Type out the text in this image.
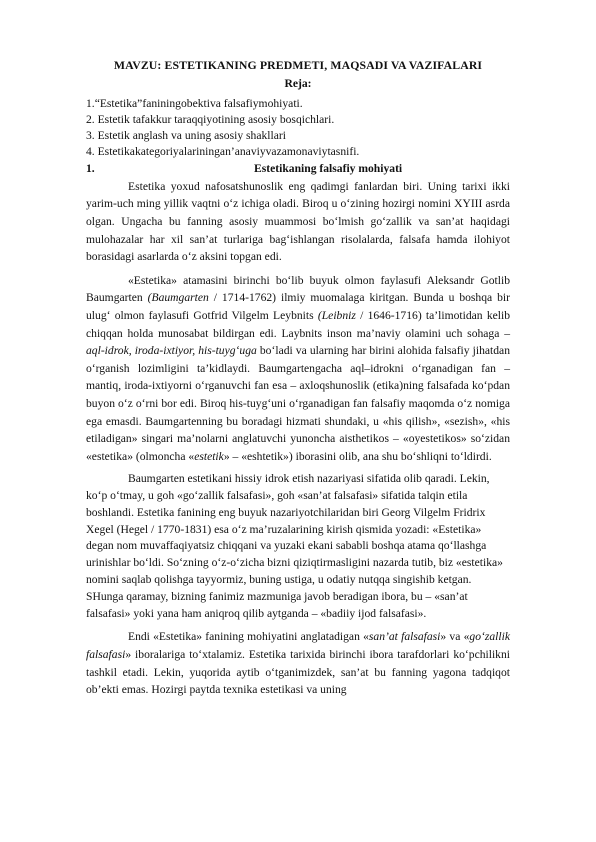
MAVZU: ESTETIKANING PREDMETI, MAQSADI VA VAZIFALARI

Reja:

1.“Estetika”faniningobektiva falsafiymohiyati.

2. Estetik tafakkur taraqqiyotining asosiy bosqichlari.

3. Estetik anglash va uning asosiy shakllari

4. Estetikakategoriyalariningan’anaviyvazamonaviytasnifi.

1.	Estetikaning falsafiy mohiyati

Estetika yoxud nafosatshunoslik eng qadimgi fanlardan biri. Uning tarixi ikki yarim-uch ming yillik vaqtni o‘z ichiga oladi. Biroq u o‘zining hozirgi nomini XYIII asrda olgan. Ungacha bu fanning asosiy muammosi bo‘lmish go‘zallik va san’at haqidagi mulohazalar har xil san’at turlariga bag‘ishlangan risolalarda, falsafa hamda ilohiyot borasidagi asarlarda o‘z aksini topgan edi.

«Estetika» atamasini birinchi bo‘lib buyuk olmon faylasufi Aleksandr Gotlib Baumgarten (Baumgarten / 1714-1762) ilmiy muomalaga kiritgan. Bunda u boshqa bir ulug‘ olmon faylasufi Gotfrid Vilgelm Leybnits (Leibniz / 1646-1716) ta’limotidan kelib chiqqan holda munosabat bildirgan edi. Laybnits inson ma’naviy olamini uch sohaga – aql-idrok, iroda-ixtiyor, his-tuyg‘uga bo‘ladi va ularning har birini alohida falsafiy jihatdan o‘rganish lozimligini ta’kidlaydi. Baumgartengacha aql–idrokni o‘rganadigan fan – mantiq, iroda-ixtiyorni o‘rganuvchi fan esa – axloqshunoslik (etika)ning falsafada ko‘pdan buyon o‘z o‘rni bor edi. Biroq his-tuyg‘uni o‘rganadigan fan falsafiy maqomda o‘z nomiga ega emasdi. Baumgartenning bu boradagi hizmati shundaki, u «his qilish», «sezish», «his etiladigan» singari ma’nolarni anglatuvchi yunoncha aisthetikos – «oyestetikos» so‘zidan «estetika» (olmoncha «estetik» – «eshtetik») iborasini olib, ana shu bo‘shliqni to‘ldirdi.

Baumgarten estetikani hissiy idrok etish nazariyasi sifatida olib qaradi. Lekin, ko‘p o‘tmay, u goh «go‘zallik falsafasi», goh «san’at falsafasi» sifatida talqin etila boshlandi. Estetika fanining eng buyuk nazariyotchilaridan biri Georg Vilgelm Fridrix Xegel (Hegel / 1770-1831) esa o‘z ma’ruzalarining kirish qismida yozadi: «Estetika» degan nom muvaffaqiyatsiz chiqqani va yuzaki ekani sababli boshqa atama qo‘llashga urinishlar bo‘ldi. So‘zning o‘z-o‘zicha bizni qiziqtirmasligini nazarda tutib, biz «estetika» nomini saqlab qolishga tayyormiz, buning ustiga, u odatiy nutqqa singishib ketgan. SHunga qaramay, bizning fanimiz mazmuniga javob beradigan ibora, bu – «san’at falsafasi» yoki yana ham aniqroq qilib aytganda – «badiiy ijod falsafasi».

Endi «Estetika» fanining mohiyatini anglatadigan «san’at falsafasi» va «go‘zallik falsafasi» iboralariga to‘xtalamiz. Estetika tarixida birinchi ibora tarafdorlari ko‘pchilikni tashkil etadi. Lekin, yuqorida aytib o‘tganimizdek, san’at bu fanning yagona tadqiqot ob’ekti emas. Hozirgi paytda texnika estetikasi va uning
